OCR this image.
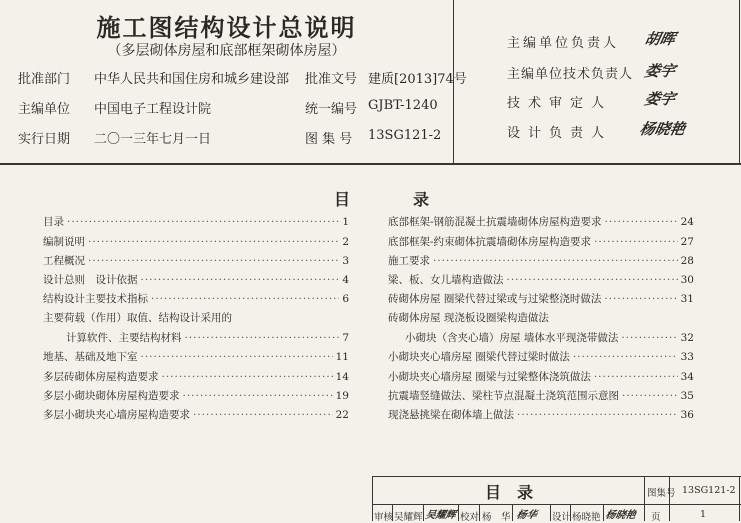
施工图结构设计总说明
（多层砌体房屋和底部框架砌体房屋）
批准部门 中华人民共和国住房和城乡建设部 批准文号 建质[2013]74号
主编单位 中国电子工程设计院	统一编号 GJBT-1240
实行日期 二〇一三年七月一日	图 集 号 13SG121-2
主编单位负责人 胡晖
主编单位技术负责人 娄宇
技术审定人 娄宇
设计负责人 杨晓艳
目	录
目录 ·····	1
编制说明 ·····	2
工程概况 ·····	3
设计总则　设计依据 ·····	4
结构设计主要技术指标 ·····	6
主要荷载（作用）取值、结构设计采用的
计算软件、主要结构材料 ·····	7
地基、基础及地下室 ·····	11
多层砖砌体房屋构造要求 ·····	14
多层小砌块砌体房屋构造要求 ·····	19
多层小砌块夹心墙房屋构造要求 ·····	22
底部框架-钢筋混凝土抗震墙砌体房屋构造要求 ·····	24
底部框架-约束砌体抗震墙砌体房屋构造要求 ·····	27
施工要求 ·····	28
梁、板、女儿墙构造做法 ·····	30
砖砌体房屋 圈梁代替过梁或与过梁整浇时做法 ·····	31
砖砌体房屋 现浇板设圈梁构造做法
小砌块（含夹心墙）房屋 墙体水平现浇带做法 ·····	32
小砌块夹心墙房屋 圈梁代替过梁时做法 ·····	33
小砌块夹心墙房屋 圈梁与过梁整体浇筑做法 ·····	34
抗震墙竖缝做法、梁柱节点混凝土浇筑范围示意图 ·····	35
现浇悬挑梁在砌体墙上做法 ·····	36
目　录	图集号 13SG121-2
审核 吴耀辉 吴耀辉 校对 杨　华 杨华 设计 杨晓艳 杨晓艳 页	1
